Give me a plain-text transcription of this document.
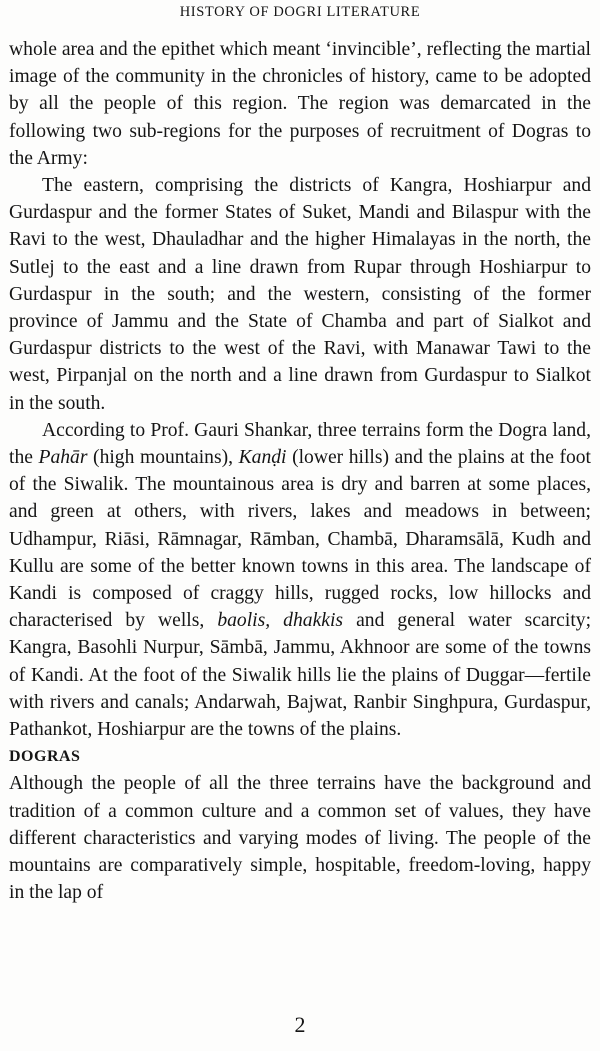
HISTORY OF DOGRI LITERATURE

whole area and the epithet which meant ‘invincible’, reflecting the martial image of the community in the chronicles of history, came to be adopted by all the people of this region. The region was demarcated in the following two sub-regions for the purposes of recruitment of Dogras to the Army:

The eastern, comprising the districts of Kangra, Hoshiarpur and Gurdaspur and the former States of Suket, Mandi and Bilaspur with the Ravi to the west, Dhauladhar and the higher Himalayas in the north, the Sutlej to the east and a line drawn from Rupar through Hoshiarpur to Gurdaspur in the south; and the western, consisting of the former province of Jammu and the State of Chamba and part of Sialkot and Gurdaspur districts to the west of the Ravi, with Manawar Tawi to the west, Pirpanjal on the north and a line drawn from Gurdaspur to Sialkot in the south.

According to Prof. Gauri Shankar, three terrains form the Dogra land, the Pahār (high mountains), Kanḍi (lower hills) and the plains at the foot of the Siwalik. The mountainous area is dry and barren at some places, and green at others, with rivers, lakes and meadows in between; Udhampur, Riāsi, Rāmnagar, Rāmban, Chambā, Dharamsālā, Kudh and Kullu are some of the better known towns in this area. The landscape of Kandi is composed of craggy hills, rugged rocks, low hillocks and characterised by wells, baolis, dhakkis and general water scarcity; Kangra, Basohli Nurpur, Sāmbā, Jammu, Akhnoor are some of the towns of Kandi. At the foot of the Siwalik hills lie the plains of Duggar—fertile with rivers and canals; Andarwah, Bajwat, Ranbir Singhpura, Gurdaspur, Pathankot, Hoshiarpur are the towns of the plains.

DOGRAS

Although the people of all the three terrains have the background and tradition of a common culture and a common set of values, they have different characteristics and varying modes of living. The people of the mountains are comparatively simple, hospitable, freedom-loving, happy in the lap of

2
